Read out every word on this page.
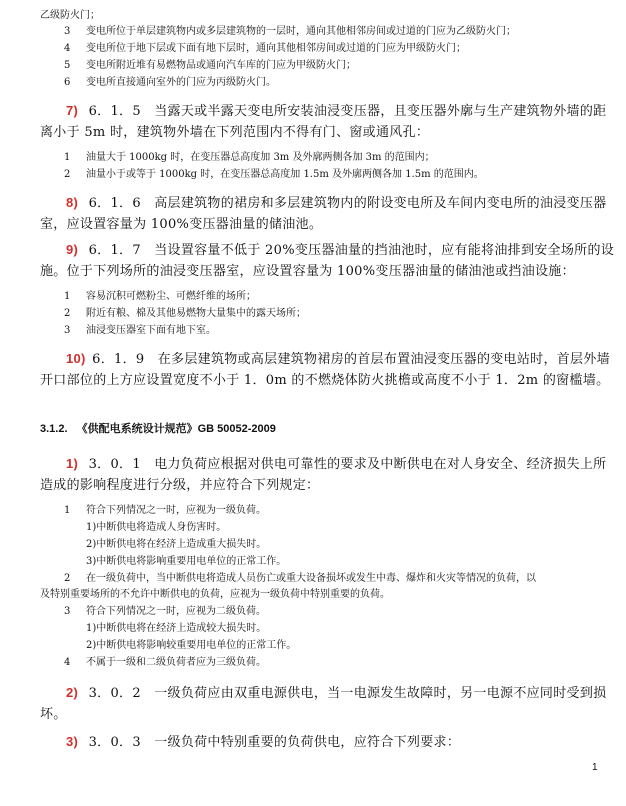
乙级防火门；
3 变电所位于单层建筑物内或多层建筑物的一层时，通向其他相邻房间或过道的门应为乙级防火门；
4 变电所位于地下层或下面有地下层时，通向其他相邻房间或过道的门应为甲级防火门；
5 变电所附近堆有易燃物品或通向汽车库的门应为甲级防火门；
6 变电所直接通向室外的门应为丙级防火门。
7) 6．1．5　当露天或半露天变电所安装油浸变压器，且变压器外廓与生产建筑物外墙的距
离小于 5m 时，建筑物外墙在下列范围内不得有门、窗或通风孔：
1 油量大于 1000kg 时，在变压器总高度加 3m 及外廓两侧各加 3m 的范围内；
2 油量小于或等于 1000kg 时，在变压器总高度加 1.5m 及外廓两侧各加 1.5m 的范围内。
8) 6．1．6　高层建筑物的裙房和多层建筑物内的附设变电所及车间内变电所的油浸变压器
室，应设置容量为 100%变压器油量的储油池。
9) 6．1．7　当设置容量不低于 20%变压器油量的挡油池时，应有能将油排到安全场所的设
施。位于下列场所的油浸变压器室，应设置容量为 100%变压器油量的储油池或挡油设施：
1 容易沉积可燃粉尘、可燃纤维的场所；
2 附近有粮、棉及其他易燃物大量集中的露天场所；
3 油浸变压器室下面有地下室。
10) 6．1．9　在多层建筑物或高层建筑物裙房的首层布置油浸变压器的变电站时，首层外墙
开口部位的上方应设置宽度不小于 1．0m 的不燃烧体防火挑檐或高度不小于 1．2m 的窗槛墙。
3.1.2. 《供配电系统设计规范》GB 50052-2009
1) 3．0．1　电力负荷应根据对供电可靠性的要求及中断供电在对人身安全、经济损失上所
造成的影响程度进行分级，并应符合下列规定：
1 符合下列情况之一时，应视为一级负荷。
1)中断供电将造成人身伤害时。
2)中断供电将在经济上造成重大损失时。
3)中断供电将影响重要用电单位的正常工作。
2 在一级负荷中，当中断供电将造成人员伤亡或重大设备损坏或发生中毒、爆炸和火灾等情况的负荷，以
及特别重要场所的不允许中断供电的负荷，应视为一级负荷中特别重要的负荷。
3 符合下列情况之一时，应视为二级负荷。
1)中断供电将在经济上造成较大损失时。
2)中断供电将影响较重要用电单位的正常工作。
4 不属于一级和二级负荷者应为三级负荷。
2) 3．0．2　一级负荷应由双重电源供电，当一电源发生故障时，另一电源不应同时受到损
坏。
3) 3．0．3　一级负荷中特别重要的负荷供电，应符合下列要求：
1
